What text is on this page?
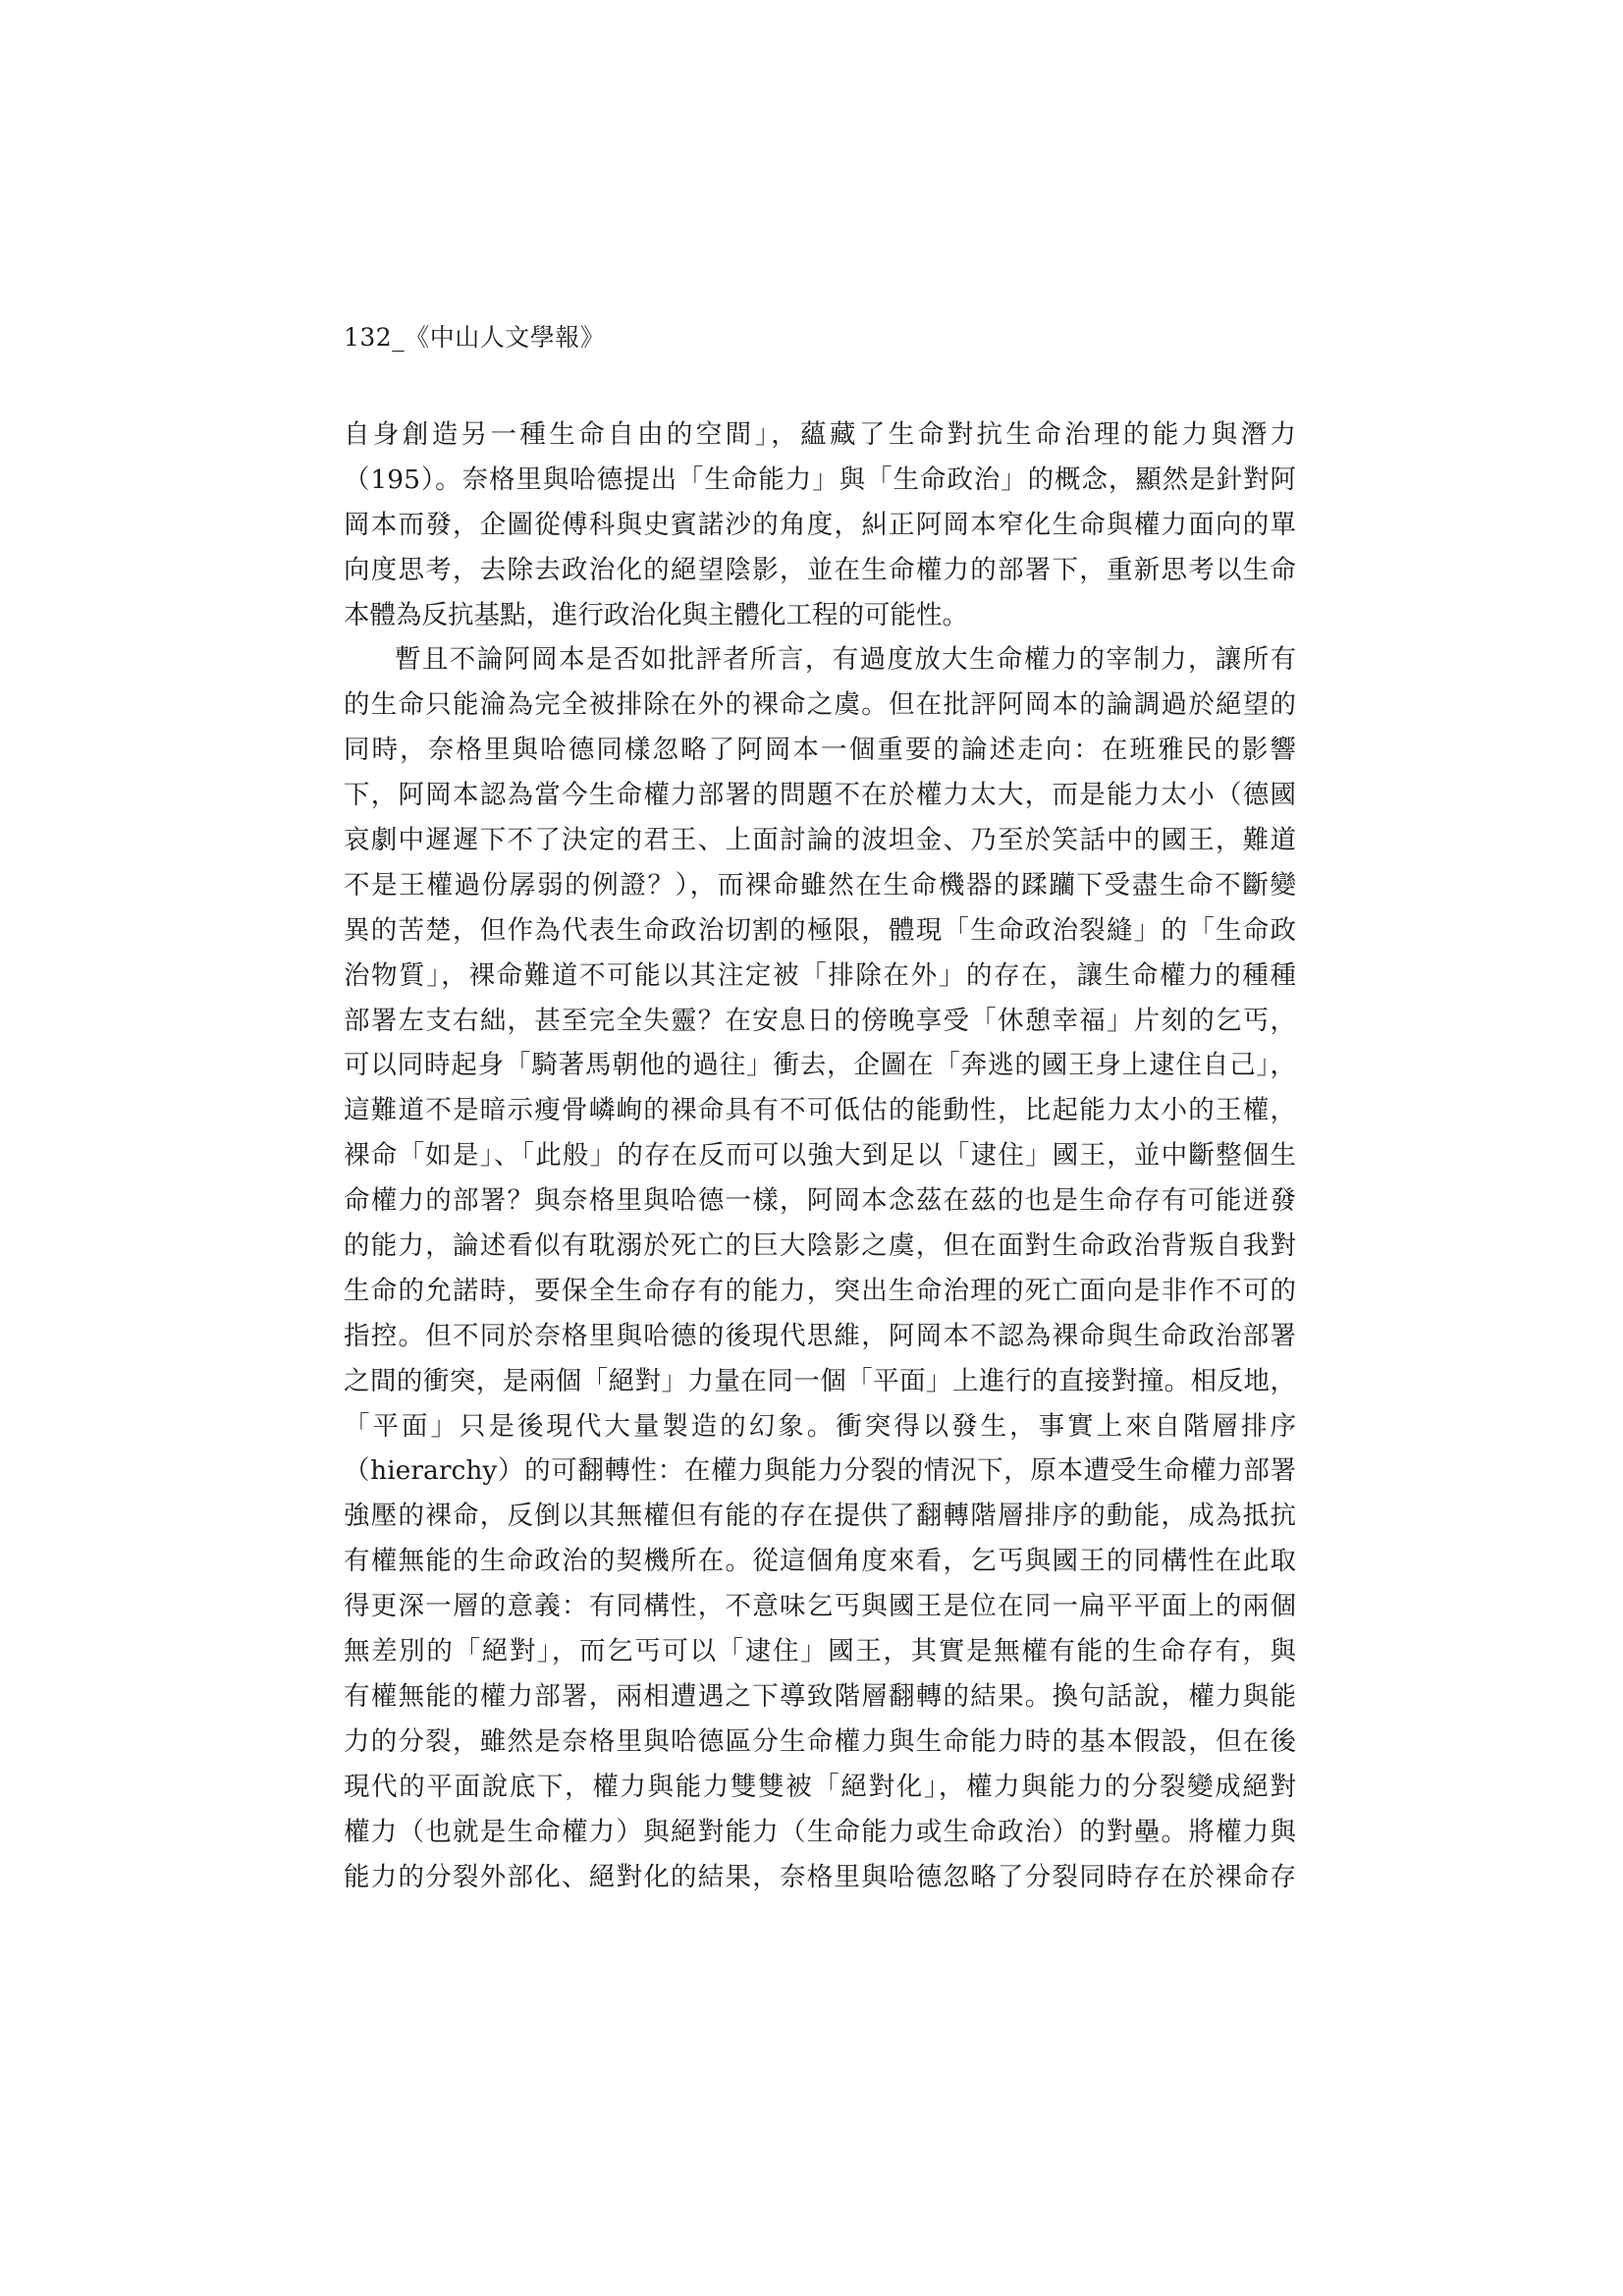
132_《中山人文學報》
自身創造另一種生命自由的空間」，蘊藏了生命對抗生命治理的能力與潛力
（195）。奈格里與哈德提出「生命能力」與「生命政治」的概念，顯然是針對阿
岡本而發，企圖從傅科與史賓諾沙的角度，糾正阿岡本窄化生命與權力面向的單
向度思考，去除去政治化的絕望陰影，並在生命權力的部署下，重新思考以生命
本體為反抗基點，進行政治化與主體化工程的可能性。
暫且不論阿岡本是否如批評者所言，有過度放大生命權力的宰制力，讓所有
的生命只能淪為完全被排除在外的裸命之虞。但在批評阿岡本的論調過於絕望的
同時，奈格里與哈德同樣忽略了阿岡本一個重要的論述走向：在班雅民的影響
下，阿岡本認為當今生命權力部署的問題不在於權力太大，而是能力太小（德國
哀劇中遲遲下不了決定的君王、上面討論的波坦金、乃至於笑話中的國王，難道
不是王權過份孱弱的例證？），而裸命雖然在生命機器的蹂躪下受盡生命不斷變
異的苦楚，但作為代表生命政治切割的極限，體現「生命政治裂縫」的「生命政
治物質」，裸命難道不可能以其注定被「排除在外」的存在，讓生命權力的種種
部署左支右絀，甚至完全失靈？在安息日的傍晚享受「休憩幸福」片刻的乞丐，
可以同時起身「騎著馬朝他的過往」衝去，企圖在「奔逃的國王身上逮住自己」，
這難道不是暗示瘦骨嶙峋的裸命具有不可低估的能動性，比起能力太小的王權，
裸命「如是」、「此般」的存在反而可以強大到足以「逮住」國王，並中斷整個生
命權力的部署？與奈格里與哈德一樣，阿岡本念茲在茲的也是生命存有可能迸發
的能力，論述看似有耽溺於死亡的巨大陰影之虞，但在面對生命政治背叛自我對
生命的允諾時，要保全生命存有的能力，突出生命治理的死亡面向是非作不可的
指控。但不同於奈格里與哈德的後現代思維，阿岡本不認為裸命與生命政治部署
之間的衝突，是兩個「絕對」力量在同一個「平面」上進行的直接對撞。相反地，
「平面」只是後現代大量製造的幻象。衝突得以發生，事實上來自階層排序
（hierarchy）的可翻轉性：在權力與能力分裂的情況下，原本遭受生命權力部署
強壓的裸命，反倒以其無權但有能的存在提供了翻轉階層排序的動能，成為抵抗
有權無能的生命政治的契機所在。從這個角度來看，乞丐與國王的同構性在此取
得更深一層的意義：有同構性，不意味乞丐與國王是位在同一扁平平面上的兩個
無差別的「絕對」，而乞丐可以「逮住」國王，其實是無權有能的生命存有，與
有權無能的權力部署，兩相遭遇之下導致階層翻轉的結果。換句話說，權力與能
力的分裂，雖然是奈格里與哈德區分生命權力與生命能力時的基本假設，但在後
現代的平面說底下，權力與能力雙雙被「絕對化」，權力與能力的分裂變成絕對
權力（也就是生命權力）與絕對能力（生命能力或生命政治）的對壘。將權力與
能力的分裂外部化、絕對化的結果，奈格里與哈德忽略了分裂同時存在於裸命存
